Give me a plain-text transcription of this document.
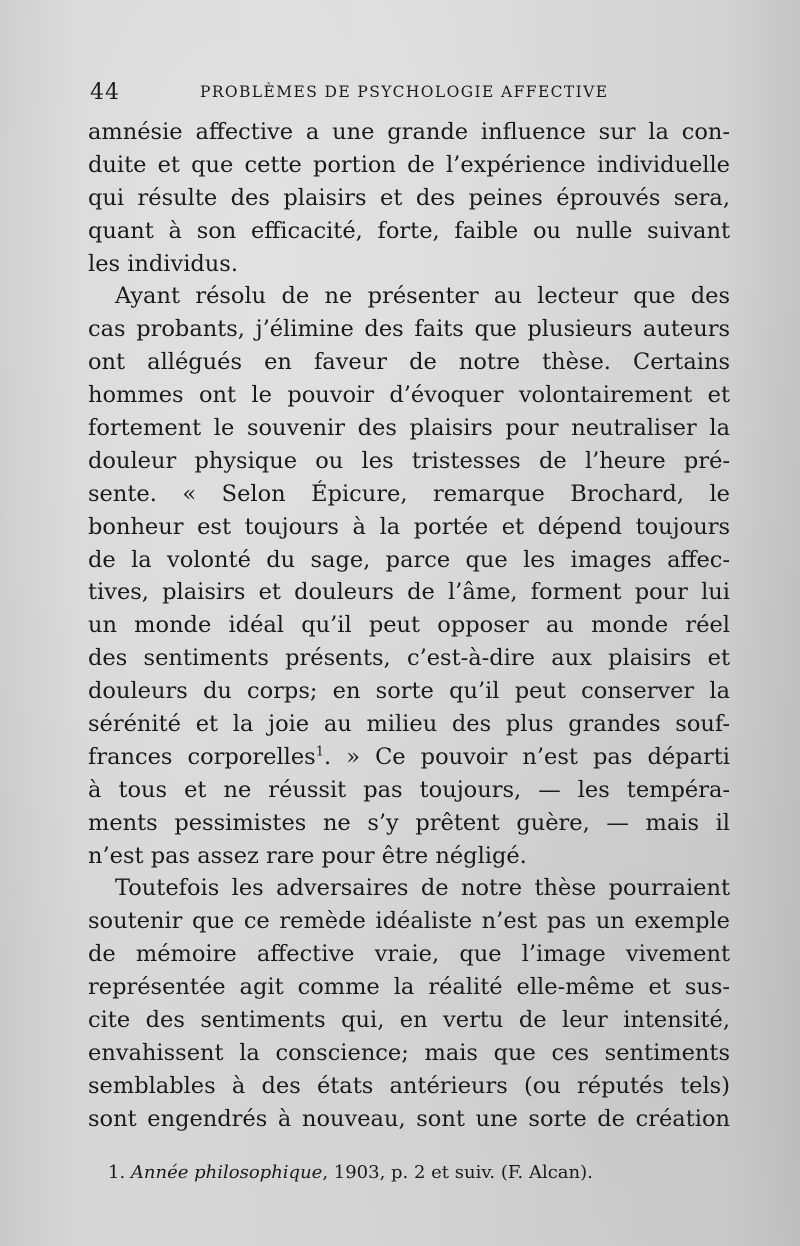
44	PROBLÈMES DE PSYCHOLOGIE AFFECTIVE
amnésie affective a une grande influence sur la con-
duite et que cette portion de l’expérience individuelle
qui résulte des plaisirs et des peines éprouvés sera,
quant à son efficacité, forte, faible ou nulle suivant
les individus.
Ayant résolu de ne présenter au lecteur que des
cas probants, j’élimine des faits que plusieurs auteurs
ont allégués en faveur de notre thèse. Certains
hommes ont le pouvoir d’évoquer volontairement et
fortement le souvenir des plaisirs pour neutraliser la
douleur physique ou les tristesses de l’heure pré-
sente. « Selon Épicure, remarque Brochard, le
bonheur est toujours à la portée et dépend toujours
de la volonté du sage, parce que les images affec-
tives, plaisirs et douleurs de l’âme, forment pour lui
un monde idéal qu’il peut opposer au monde réel
des sentiments présents, c’est-à-dire aux plaisirs et
douleurs du corps; en sorte qu’il peut conserver la
sérénité et la joie au milieu des plus grandes souf-
frances corporelles$^1$. » Ce pouvoir n’est pas départi
à tous et ne réussit pas toujours, — les tempéra-
ments pessimistes ne s’y prêtent guère, — mais il
n’est pas assez rare pour être négligé.
Toutefois les adversaires de notre thèse pourraient
soutenir que ce remède idéaliste n’est pas un exemple
de mémoire affective vraie, que l’image vivement
représentée agit comme la réalité elle-même et sus-
cite des sentiments qui, en vertu de leur intensité,
envahissent la conscience; mais que ces sentiments
semblables à des états antérieurs (ou réputés tels)
sont engendrés à nouveau, sont une sorte de création
1. Année philosophique, 1903, p. 2 et suiv. (F. Alcan).
